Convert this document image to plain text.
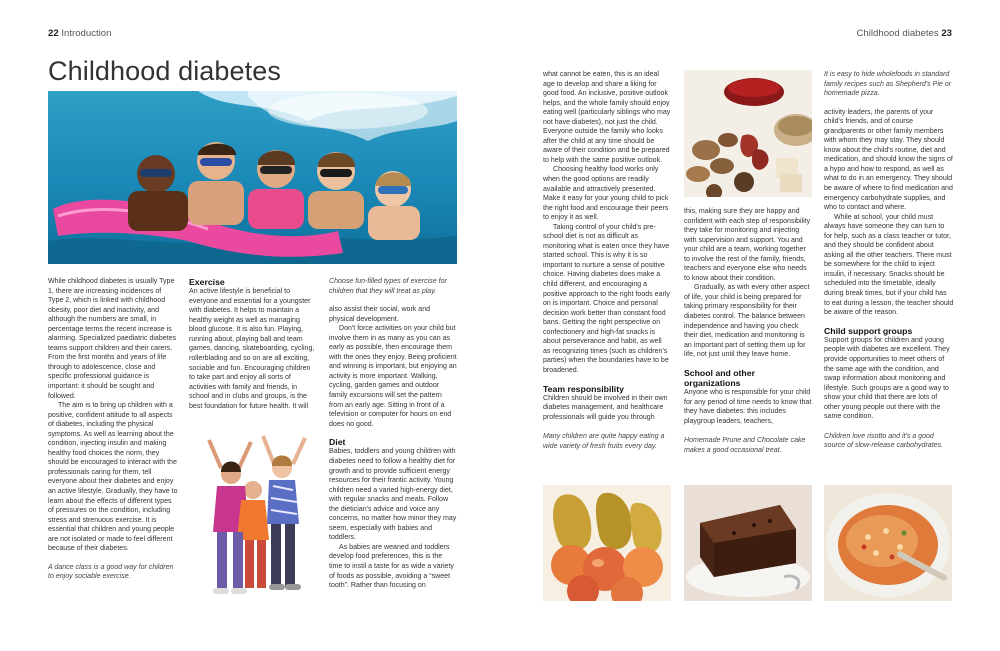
22 Introduction	Childhood diabetes 23
Childhood diabetes

While childhood diabetes is usually Type 1, there are increasing incidences of Type 2, which is linked with childhood obesity, poor diet and inactivity, and although the numbers are small, in percentage terms the recent increase is alarming. Specialized paediatric diabetes teams support children and their carers. From the first months and years of life through to adolescence, close and specific professional guidance is important: it should be sought and followed.

The aim is to bring up children with a positive, confident attitude to all aspects of diabetes, including the physical symptoms. As well as learning about the condition, injecting insulin and making healthy food choices the norm, they should be encouraged to interact with the professionals caring for them, tell everyone about their diabetes and enjoy an active lifestyle. Gradually, they have to learn about the effects of different types of pressures on the condition, including stress and strenuous exercise. It is essential that children and young people are not isolated or made to feel different because of their diabetes.

A dance class is a good way for children to enjoy sociable exercise.

Exercise

An active lifestyle is beneficial to everyone and essential for a youngster with diabetes. It helps to maintain a healthy weight as well as managing blood glucose. It is also fun. Playing, running about, playing ball and team games, dancing, skateboarding, cycling, rollerblading and so on are all exciting, sociable and fun. Encouraging children to take part and enjoy all sorts of activities with family and friends, in school and in clubs and groups, is the best foundation for future health. It will

Choose fun-filled types of exercise for children that they will treat as play.

also assist their social, work and physical development.

Don't force activities on your child but involve them in as many as you can as early as possible, then encourage them with the ones they enjoy. Being proficient and winning is important, but enjoying an activity is more important. Walking, cycling, garden games and outdoor family excursions will set the pattern from an early age. Sitting in front of a television or computer for hours on end does no good.

Diet

Babies, toddlers and young children with diabetes need to follow a healthy diet for growth and to provide sufficient energy resources for their frantic activity. Young children need a varied high-energy diet, with regular snacks and meals. Follow the dietician's advice and voice any concerns, no matter how minor they may seem, especially with babies and toddlers.

As babies are weaned and toddlers develop food preferences, this is the time to instil a taste for as wide a variety of foods as possible, avoiding a “sweet tooth”. Rather than focusing on

what cannot be eaten, this is an ideal age to develop and share a liking for good food. An inclusive, positive outlook helps, and the whole family should enjoy eating well (particularly siblings who may not have diabetes), not just the child. Everyone outside the family who looks after the child at any time should be aware of their condition and be prepared to help with the same positive outlook.

Choosing healthy food works only when the good options are readily available and attractively presented. Make it easy for your young child to pick the right food and encourage their peers to enjoy it as well.

Taking control of your child's pre-school diet is not as difficult as monitoring what is eaten once they have started school. This is why it is so important to nurture a sense of positive choice. Having diabetes does make a child different, and encouraging a positive approach to the right foods early on is important. Choice and personal decision work better than constant food bans. Getting the right perspective on confectionery and high-fat snacks is about perseverance and habit, as well as recognizing times (such as children's parties) when the boundaries have to be broadened.

Team responsibility

Children should be involved in their own diabetes management, and healthcare professionals will guide you through

Many children are quite happy eating a wide variety of fresh fruits every day.

this, making sure they are happy and confident with each step of responsibility they take for monitoring and injecting with supervision and support. You and your child are a team, working together to involve the rest of the family, friends, teachers and everyone else who needs to know about their condition.

Gradually, as with every other aspect of life, your child is being prepared for taking primary responsibility for their diabetes control. The balance between independence and having you check their diet, medication and monitoring is an important part of setting them up for life, not just until they leave home.

School and other organizations

Anyone who is responsible for your child for any period of time needs to know that they have diabetes: this includes playgroup leaders, teachers,

Homemade Prune and Chocolate cake makes a good occasional treat.

It is easy to hide wholefoods in standard family recipes such as Shepherd's Pie or homemade pizza.

activity leaders, the parents of your child's friends, and of course grandparents or other family members with whom they may stay. They should know about the child's routine, diet and medication, and should know the signs of a hypo and how to respond, as well as what to do in an emergency. They should be aware of where to find medication and emergency carbohydrate supplies, and who to contact and where.

While at school, your child must always have someone they can turn to for help, such as a class teacher or tutor, and they should be confident about asking all the other teachers. There must be somewhere for the child to inject insulin, if necessary. Snacks should be scheduled into the timetable, ideally during break times, but if your child has to eat during a lesson, the teacher should be aware of the reason.

Child support groups

Support groups for children and young people with diabetes are excellent. They provide opportunities to meet others of the same age with the condition, and swap information about monitoring and lifestyle. Such groups are a good way to show your child that there are lots of other young people out there with the same condition.

Children love risotto and it's a good source of slow-release carbohydrates.
